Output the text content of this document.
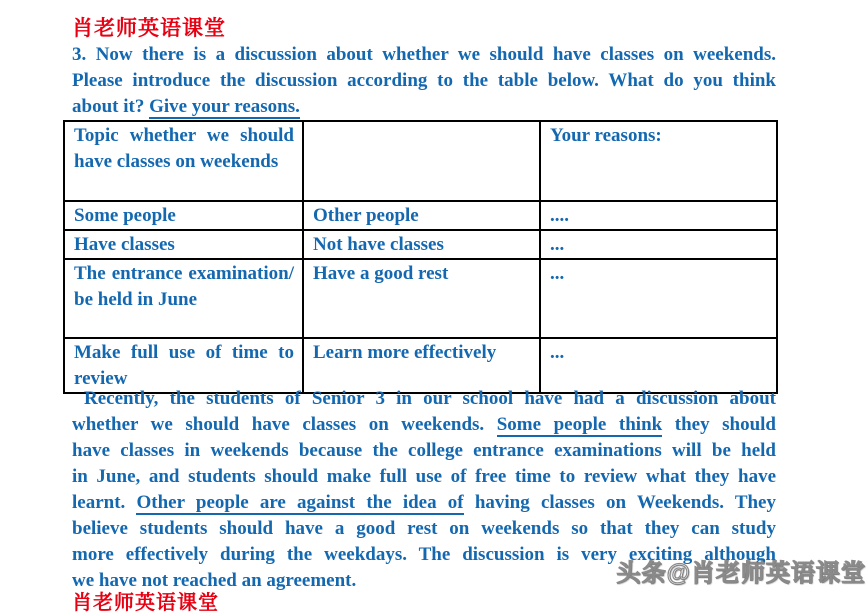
肖老师英语课堂
3. Now there is a discussion about whether we should have classes on weekends.
Please introduce the discussion according to the table below. What do you think
about it? Give your reasons.
Topic whether we should have classes on weekends		Your reasons:
Some people	Other people	....
Have classes	Not have classes	...
The entrance examination/ be held in June	Have a good rest	...
Make full use of time to review	Learn more effectively	...
Recently, the students of Senior 3 in our school have had a discussion about
whether we should have classes on weekends. Some people think they should
have classes in weekends because the college entrance examinations will be held
in June, and students should make full use of free time to review what they have
learnt. Other people are against the idea of having classes on Weekends. They
believe students should have a good rest on weekends so that they can study
more effectively during the weekdays. The discussion is very exciting although
we have not reached an agreement.
肖老师英语课堂
头条@肖老师英语课堂
